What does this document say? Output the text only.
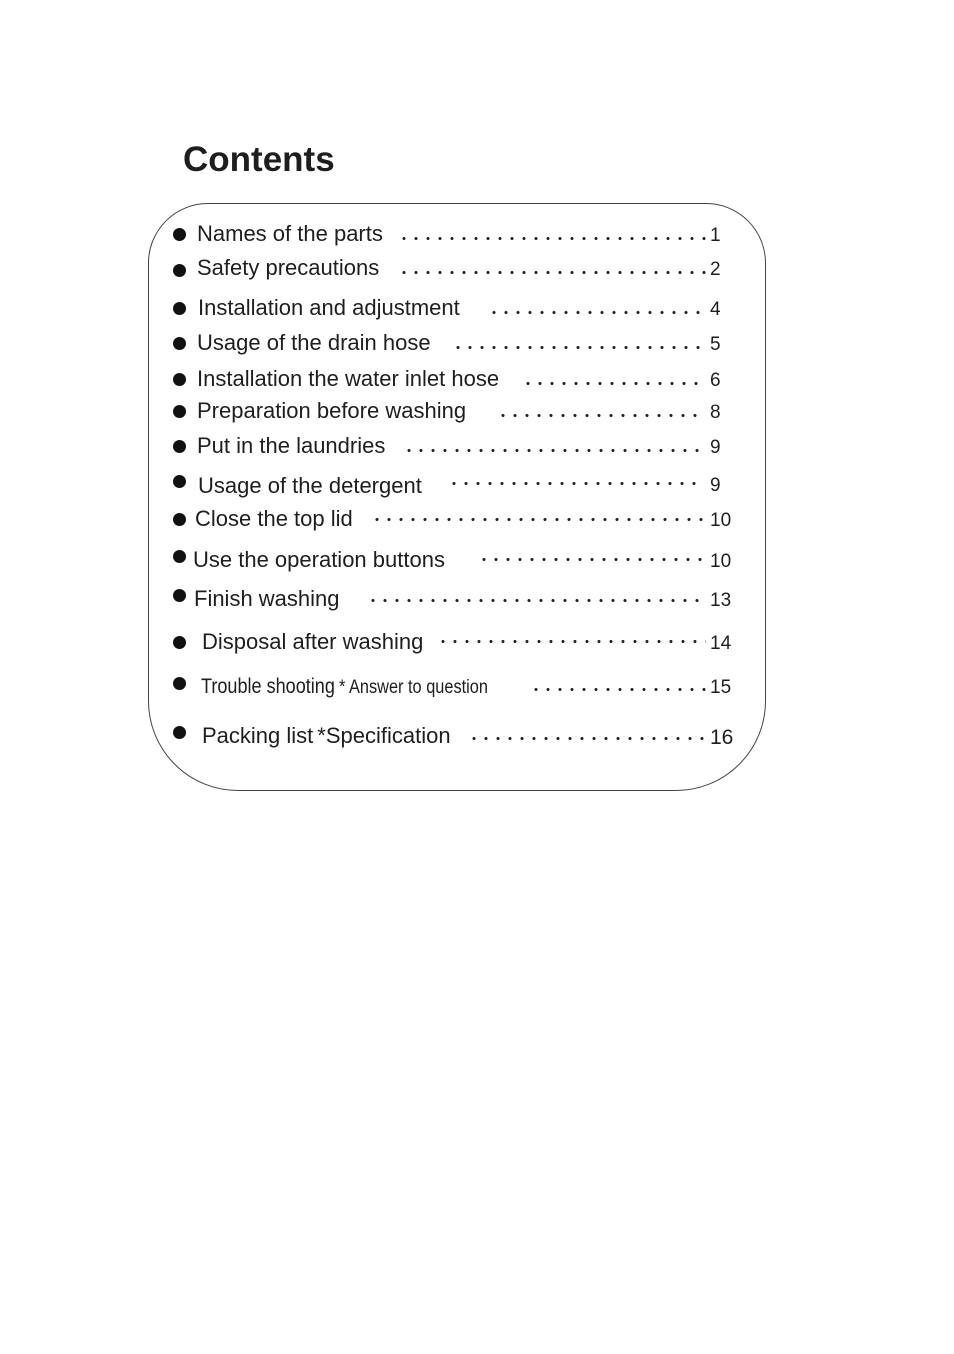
Contents
Names of the parts	1
Safety precautions	2
Installation and adjustment	4
Usage of the drain hose	5
Installation the water inlet hose	6
Preparation before washing	8
Put in the laundries	9
Usage of the detergent	9
Close the top lid	10
Use the operation buttons	10
Finish washing	13
Disposal after washing	14
Trouble shooting * Answer to question	15
Packing list *Specification	16
